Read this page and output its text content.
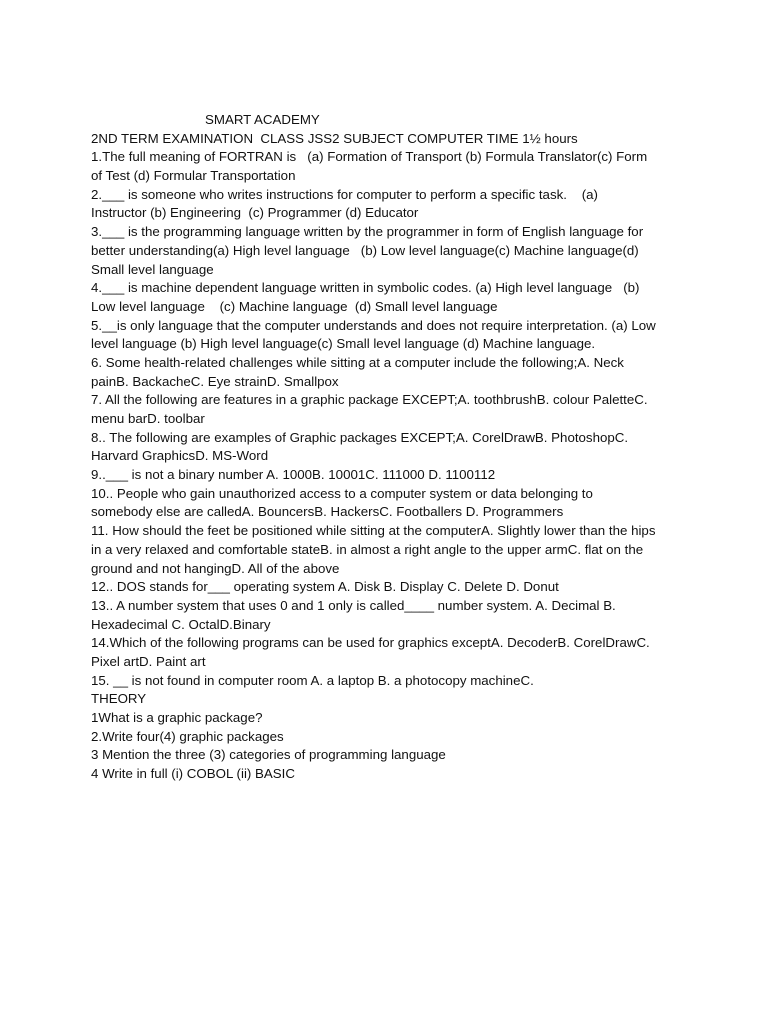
SMART ACADEMY
2ND TERM EXAMINATION  CLASS JSS2 SUBJECT COMPUTER TIME 1½ hours
1.The full meaning of FORTRAN is   (a) Formation of Transport (b) Formula Translator(c) Form
of Test (d) Formular Transportation
2.___ is someone who writes instructions for computer to perform a specific task.    (a)
Instructor (b) Engineering  (c) Programmer (d) Educator
3.___ is the programming language written by the programmer in form of English language for
better understanding(a) High level language   (b) Low level language(c) Machine language(d)
Small level language
4.___ is machine dependent language written in symbolic codes. (a) High level language   (b)
Low level language    (c) Machine language  (d) Small level language
5.__is only language that the computer understands and does not require interpretation. (a) Low
level language (b) High level language(c) Small level language (d) Machine language.
6. Some health-related challenges while sitting at a computer include the following;A. Neck
painB. BackacheC. Eye strainD. Smallpox
7. All the following are features in a graphic package EXCEPT;A. toothbrushB. colour PaletteC.
menu barD. toolbar
8.. The following are examples of Graphic packages EXCEPT;A. CorelDrawB. PhotoshopC.
Harvard GraphicsD. MS-Word
9..___ is not a binary number A. 1000B. 10001C. 111000 D. 1100112
10.. People who gain unauthorized access to a computer system or data belonging to
somebody else are calledA. BouncersB. HackersC. Footballers D. Programmers
11. How should the feet be positioned while sitting at the computerA. Slightly lower than the hips
in a very relaxed and comfortable stateB. in almost a right angle to the upper armC. flat on the
ground and not hangingD. All of the above
12.. DOS stands for___ operating system A. Disk B. Display C. Delete D. Donut
13.. A number system that uses 0 and 1 only is called____ number system. A. Decimal B.
Hexadecimal C. OctalD.Binary
14.Which of the following programs can be used for graphics exceptA. DecoderB. CorelDrawC.
Pixel artD. Paint art
15. __ is not found in computer room A. a laptop B. a photocopy machineC.
THEORY
1What is a graphic package?
2.Write four(4) graphic packages
3 Mention the three (3) categories of programming language
4 Write in full (i) COBOL (ii) BASIC
